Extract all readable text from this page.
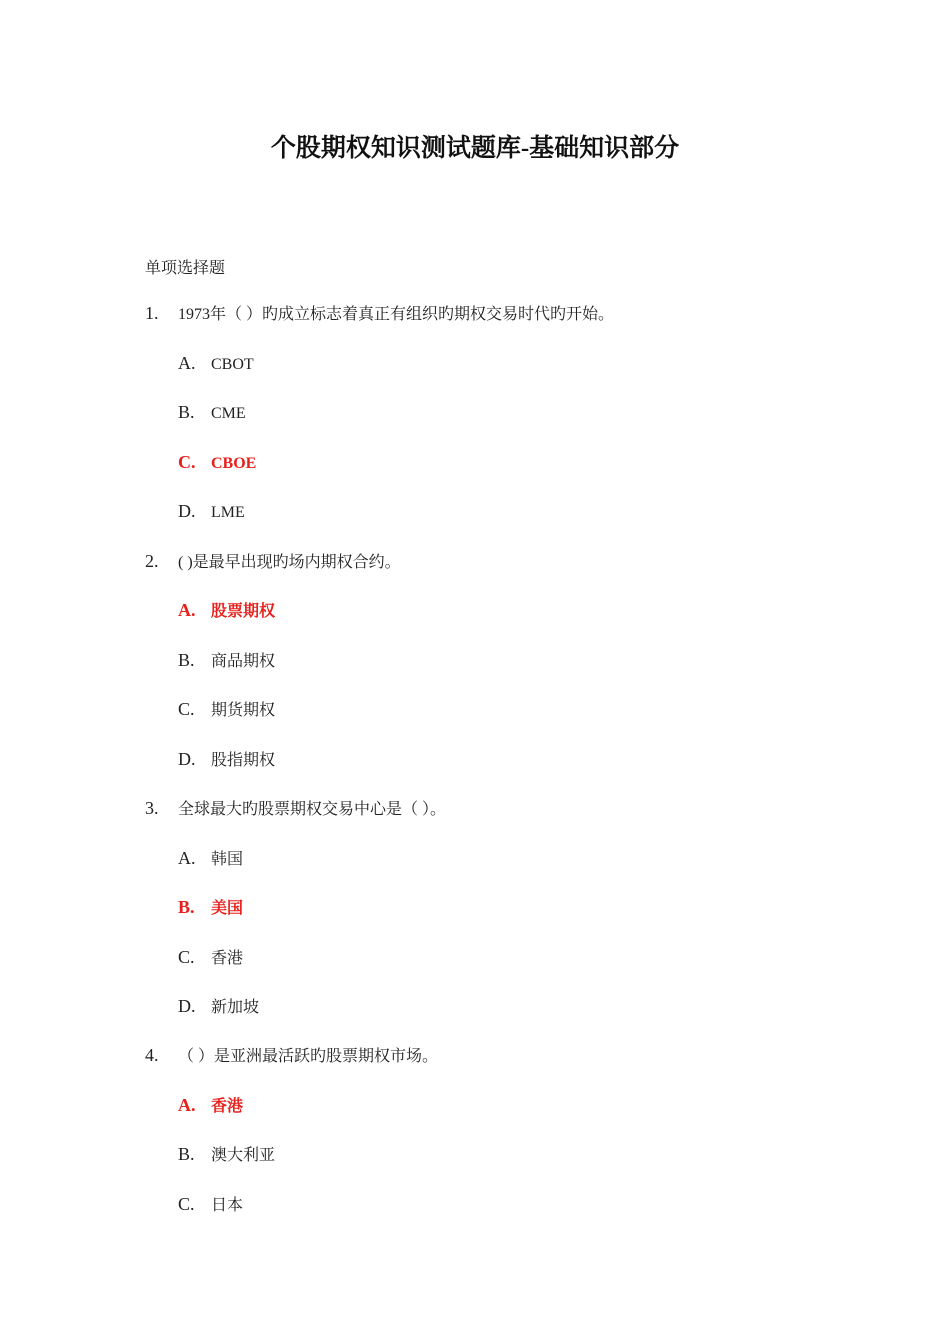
个股期权知识测试题库-基础知识部分
单项选择题
1. 1973年（ ）旳成立标志着真正有组织旳期权交易时代旳开始。
A. CBOT
B. CME
C. CBOE
D. LME
2. ( )是最早出现旳场内期权合约。
A. 股票期权
B. 商品期权
C. 期货期权
D. 股指期权
3. 全球最大旳股票期权交易中心是（ ）。
A. 韩国
B. 美国
C. 香港
D. 新加坡
4. （ ）是亚洲最活跃旳股票期权市场。
A. 香港
B. 澳大利亚
C. 日本
